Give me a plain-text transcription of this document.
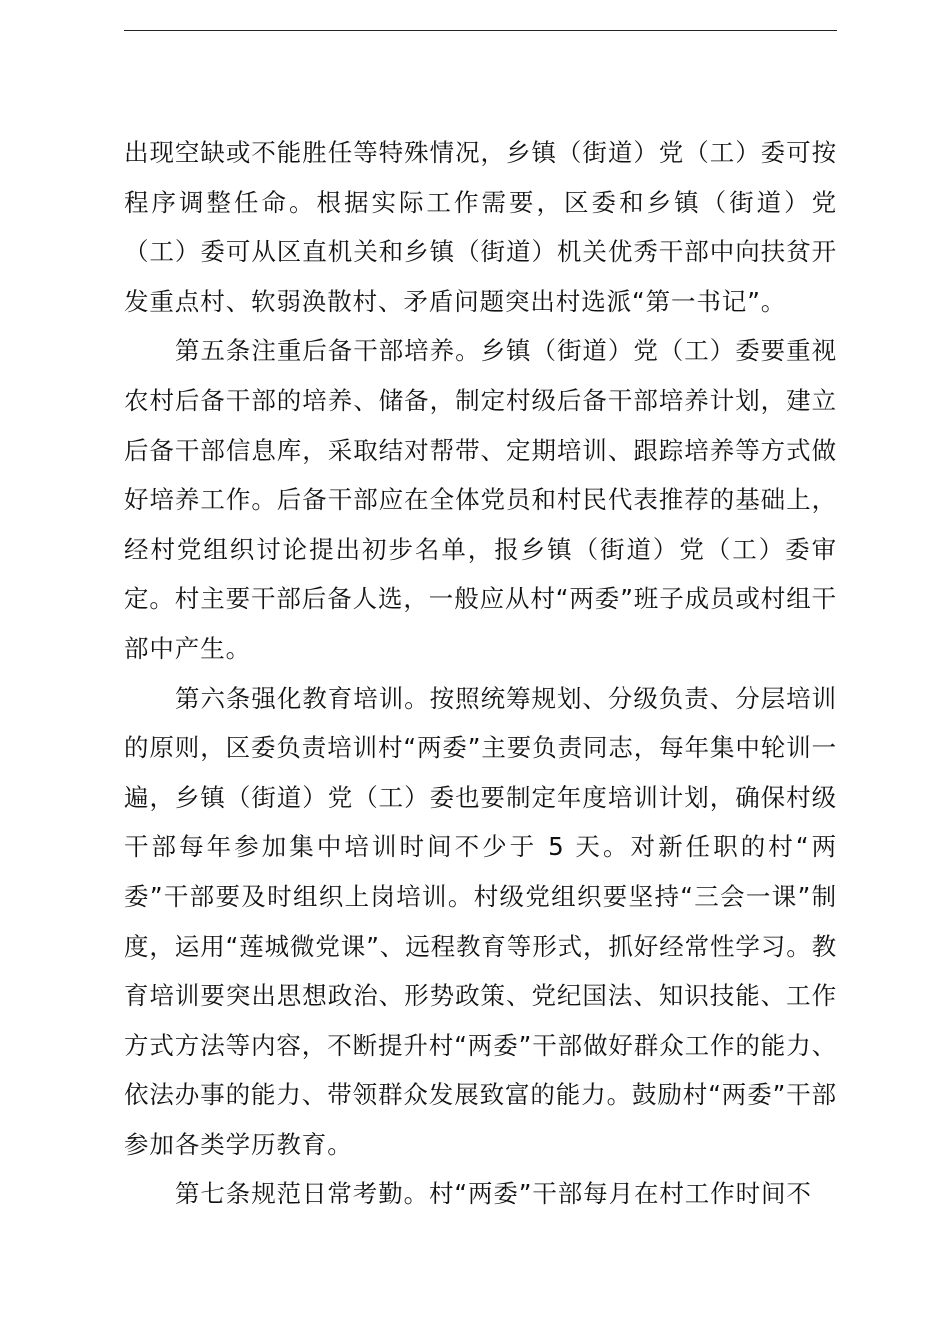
出现空缺或不能胜任等特殊情况，乡镇（街道）党（工）委可按程序调整任命。根据实际工作需要，区委和乡镇（街道）党（工）委可从区直机关和乡镇（街道）机关优秀干部中向扶贫开发重点村、软弱涣散村、矛盾问题突出村选派“第一书记”。

第五条注重后备干部培养。乡镇（街道）党（工）委要重视农村后备干部的培养、储备，制定村级后备干部培养计划，建立后备干部信息库，采取结对帮带、定期培训、跟踪培养等方式做好培养工作。后备干部应在全体党员和村民代表推荐的基础上，经村党组织讨论提出初步名单，报乡镇（街道）党（工）委审定。村主要干部后备人选，一般应从村“两委”班子成员或村组干部中产生。

第六条强化教育培训。按照统筹规划、分级负责、分层培训的原则，区委负责培训村“两委”主要负责同志，每年集中轮训一遍，乡镇（街道）党（工）委也要制定年度培训计划，确保村级干部每年参加集中培训时间不少于 5 天。对新任职的村“两委”干部要及时组织上岗培训。村级党组织要坚持“三会一课”制度，运用“莲城微党课”、远程教育等形式，抓好经常性学习。教育培训要突出思想政治、形势政策、党纪国法、知识技能、工作方式方法等内容，不断提升村“两委”干部做好群众工作的能力、依法办事的能力、带领群众发展致富的能力。鼓励村“两委”干部参加各类学历教育。

第七条规范日常考勤。村“两委”干部每月在村工作时间不
